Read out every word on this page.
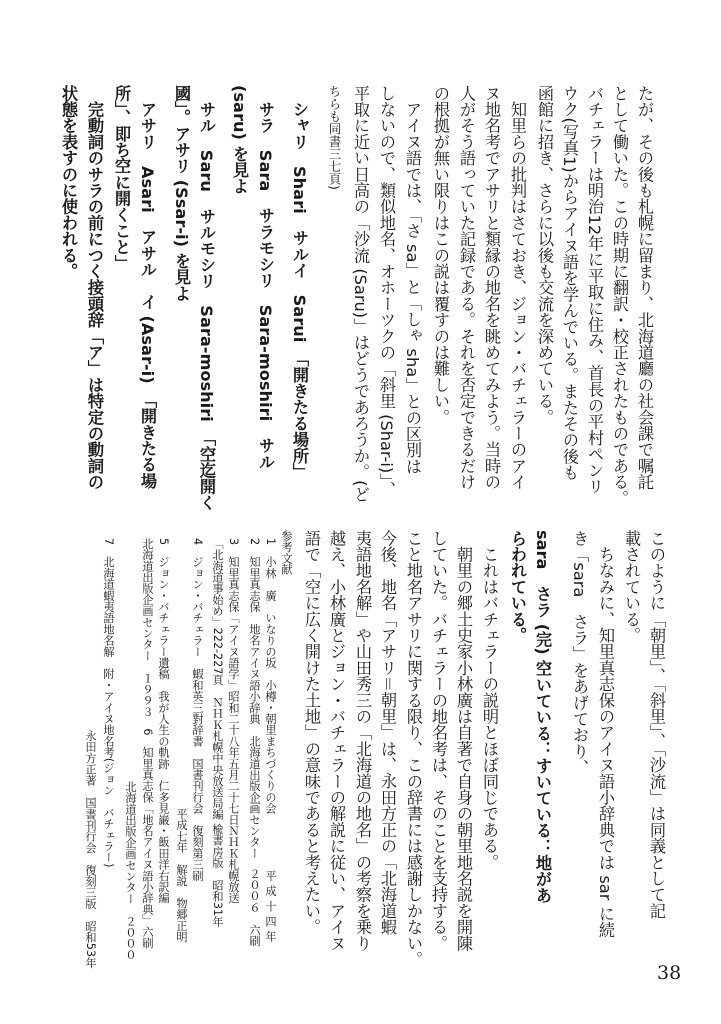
たが、その後も札幌に留まり、北海道廳の社会課で嘱託
として働いた。この時期に翻訳・校正されたものである。
バチェラーは明治12年に平取に住み、首長の平村ペンリ
ウク(写真1)からアイヌ語を学んでいる。またその後も
函館に招き、さらに以後も交流を深めている。
　知里らの批判はさておき、ジョン・バチェラーのアイ
ヌ地名考でアサリと類縁の地名を眺めてみよう。当時の
人がそう語っていた記録である。それを否定できるだけ
の根拠が無い限りはこの説は覆すのは難しい。
　アイヌ語では、「さ sa」と「しゃ sha」との区別は
しないので、類似地名、オホーツクの「斜里 (Shar-i)」、
平取に近い日高の「沙流 (Saru)」はどうであろうか。(ど
ちらも同書三七頁)
　シャリ　Shari　サルイ　Sarui　「開きたる場所」
　サラ　Sara　サラモシリ　Sara-moshiri　サル
(saru) を見よ
　サル　Saru　サルモシリ　Sara-moshiri　「空迄開く
國」。アサリ (Ssar-i) を見よ
　アサリ　Asari　アサル　イ (Asar-i)　「開きたる場
所」、即ち空に開くこと」
　完動詞のサラの前につく接頭辞「ア」は特定の動詞の
状態を表すのに使われる。
このように「朝里」、「斜里」、「沙流」は同義として記
載されている。
　ちなみに、知里真志保のアイヌ語小辞典では sar に続
き「sara　さラ」をあげており、
sara　さラ (完) 空いている：すいている：地があ
らわれている。
　これはバチェラーの説明とほぼ同じである。
　朝里の郷土史家小林廣は自著で自身の朝里地名説を開陳
していた。バチェラーの地名考は、そのことを支持する。
こと地名アサリに関する限り、この辞書には感謝しかない。
今後、地名「アサリ＝朝里」は、永田方正の「北海道蝦
夷語地名解」や山田秀三の「北海道の地名」の考察を乗り
越え、小林廣とジョン・バチェラーの解説に従い、アイヌ
語で「空に広く開けた土地」の意味であると考えたい。
参考文献
1　小林　廣　いなりの坂　小樽・朝里まちづくりの会
平成十四年
2　知里真志保　地名アイヌ語小辞典　北海道出版企画センター
２００６　六刷
3　知里真志保「アイヌ語学」昭和二十八年五月二十七日ＮＨＫ札幌放送
「北海道事始め」222-227頁　ＮＨＫ札幌中央放送局編 楡書房版　昭和31年
4　ジョン・バチェラー　蝦和英三對辞書　国書刊行会　復刻第三刷
平成七年　解説　物郷正明
5　ジョン・バチェラー遺稿　我が人生の軌跡　仁多見巌・飯田洋右訳編
北海道出版企画センター　１９９３　6　知里真志保「地名アイヌ語小辞典」六刷
北海道出版企画センター　２０００
7　北海道蝦夷語地名解　附・アイヌ地名考(ジョン　バチェラー)
永田方正著　国書刊行会　復刻三版　昭和53年
38
